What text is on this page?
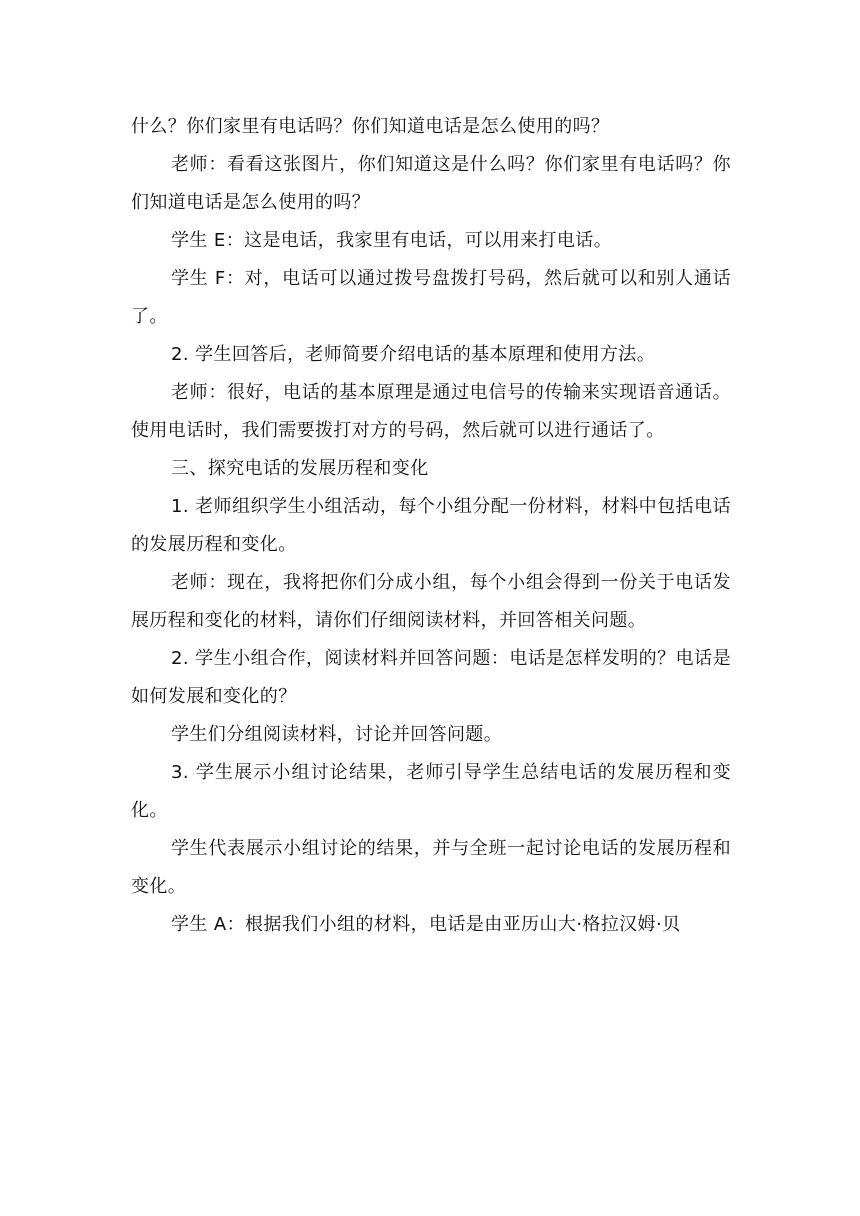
什么？你们家里有电话吗？你们知道电话是怎么使用的吗？

老师：看看这张图片，你们知道这是什么吗？你们家里有电话吗？你们知道电话是怎么使用的吗？

学生 E：这是电话，我家里有电话，可以用来打电话。

学生 F：对，电话可以通过拨号盘拨打号码，然后就可以和别人通话了。

2. 学生回答后，老师简要介绍电话的基本原理和使用方法。

老师：很好，电话的基本原理是通过电信号的传输来实现语音通话。使用电话时，我们需要拨打对方的号码，然后就可以进行通话了。

三、探究电话的发展历程和变化

1. 老师组织学生小组活动，每个小组分配一份材料，材料中包括电话的发展历程和变化。

老师：现在，我将把你们分成小组，每个小组会得到一份关于电话发展历程和变化的材料，请你们仔细阅读材料，并回答相关问题。

2. 学生小组合作，阅读材料并回答问题：电话是怎样发明的？电话是如何发展和变化的？

学生们分组阅读材料，讨论并回答问题。

3. 学生展示小组讨论结果，老师引导学生总结电话的发展历程和变化。

学生代表展示小组讨论的结果，并与全班一起讨论电话的发展历程和变化。

学生 A：根据我们小组的材料，电话是由亚历山大·格拉汉姆·贝
